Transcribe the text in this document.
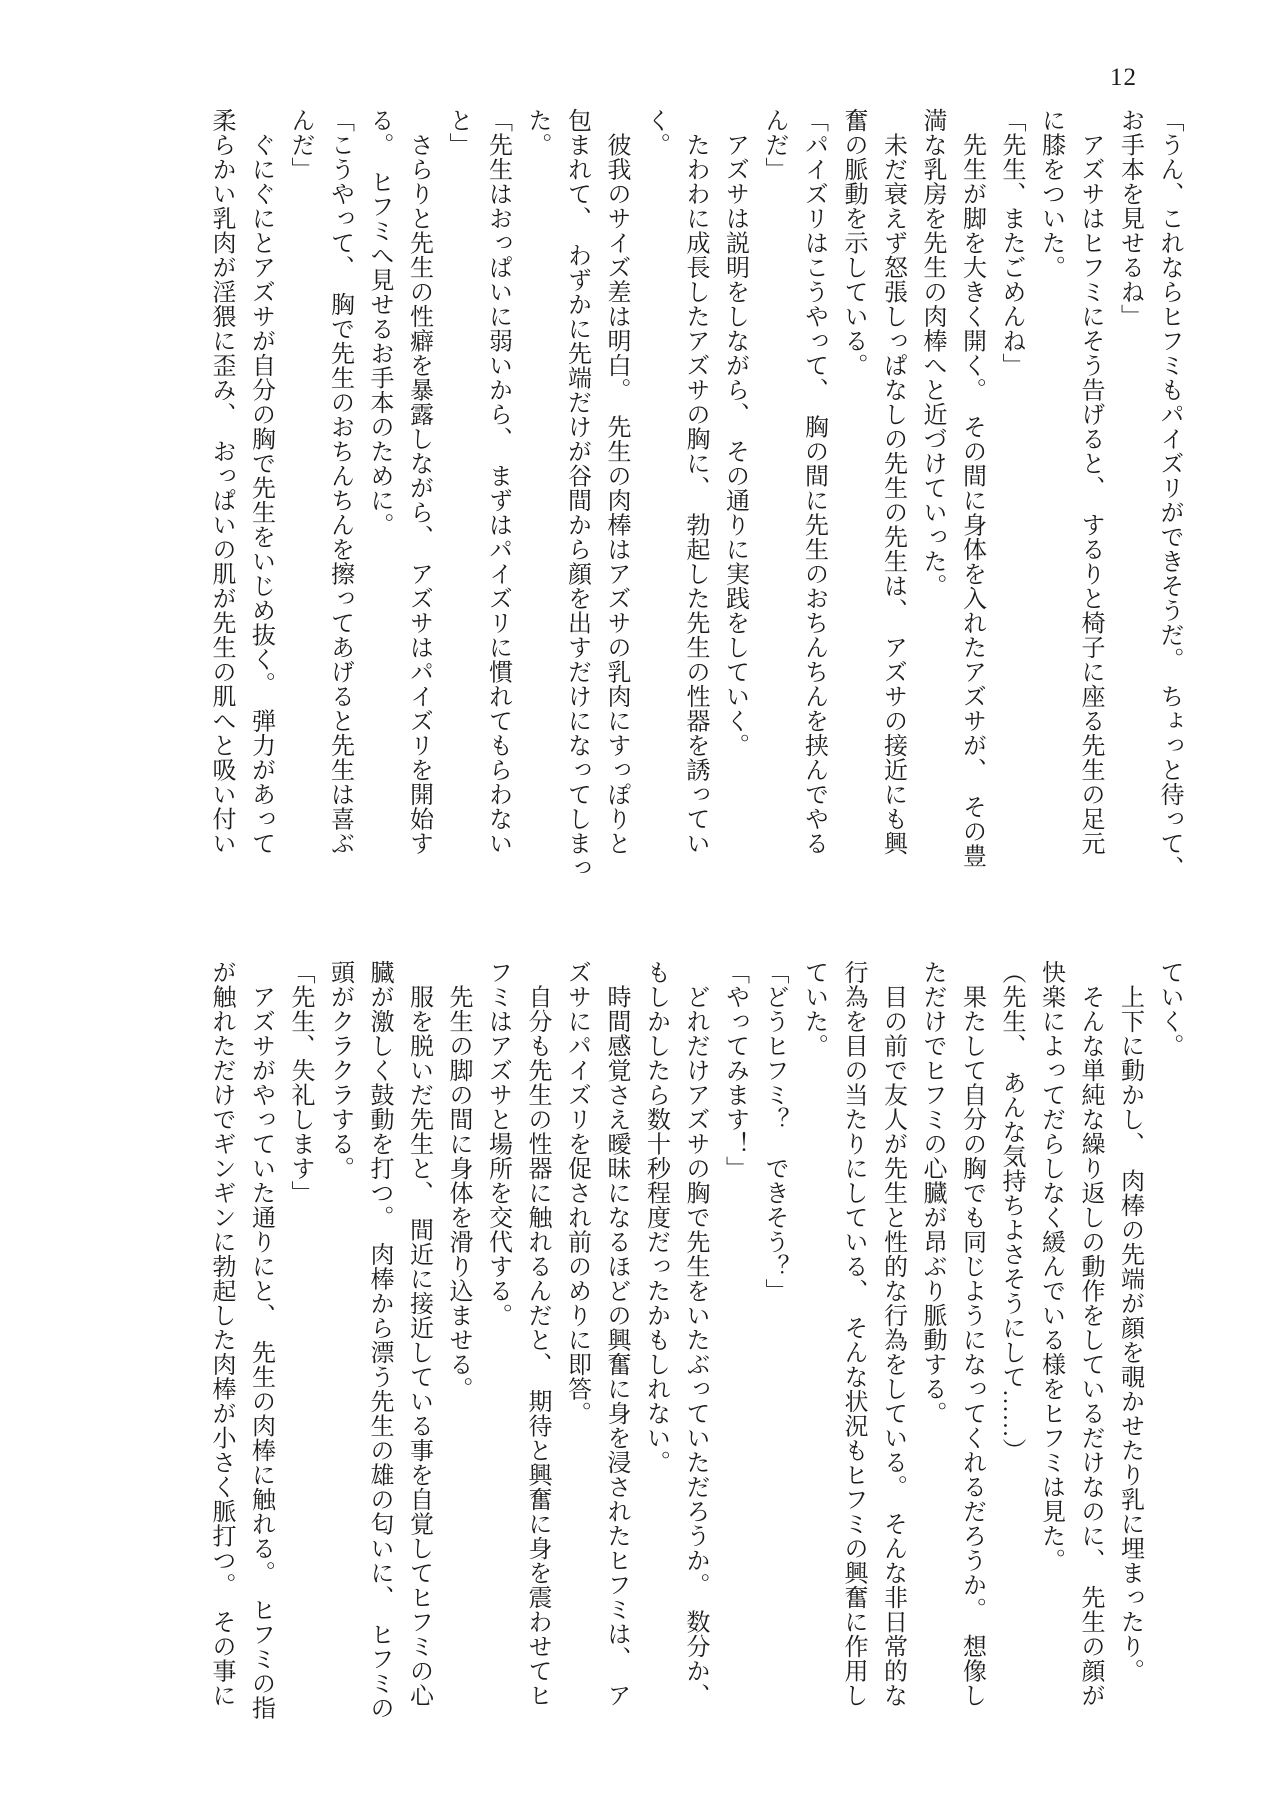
12
「うん、これならヒフミもパイズリができそうだ。　ちょっと待って、
お手本を見せるね」
　アズサはヒフミにそう告げると、　するりと椅子に座る先生の足元
に膝をついた。
「先生、またごめんね」
　先生が脚を大きく開く。　その間に身体を入れたアズサが、　その豊
満な乳房を先生の肉棒へと近づけていった。
　未だ衰えず怒張しっぱなしの先生の先生は、　アズサの接近にも興
奮の脈動を示している。
「パイズリはこうやって、　胸の間に先生のおちんちんを挟んでやる
んだ」
　アズサは説明をしながら、　その通りに実践をしていく。
　たわわに成長したアズサの胸に、　勃起した先生の性器を誘ってい
く。
　彼我のサイズ差は明白。　先生の肉棒はアズサの乳肉にすっぽりと
包まれて、　わずかに先端だけが谷間から顔を出すだけになってしまっ
た。
「先生はおっぱいに弱いから、　まずはパイズリに慣れてもらわない
と」
　さらりと先生の性癖を暴露しながら、　アズサはパイズリを開始す
る。　ヒフミへ見せるお手本のために。
「こうやって、　胸で先生のおちんちんを擦ってあげると先生は喜ぶ
んだ」
　ぐにぐにとアズサが自分の胸で先生をいじめ抜く。　弾力があって
柔らかい乳肉が淫猥に歪み、　おっぱいの肌が先生の肌へと吸い付い
ていく。
　上下に動かし、　肉棒の先端が顔を覗かせたり乳に埋まったり。
　そんな単純な繰り返しの動作をしているだけなのに、　先生の顔が
快楽によってだらしなく緩んでいる様をヒフミは見た。
（先生、　あんな気持ちよさそうにして……）
　果たして自分の胸でも同じようになってくれるだろうか。　想像し
ただけでヒフミの心臓が昂ぶり脈動する。
　目の前で友人が先生と性的な行為をしている。　そんな非日常的な
行為を目の当たりにしている、　そんな状況もヒフミの興奮に作用し
ていた。
「どうヒフミ？　できそう？」
「やってみます！」
　どれだけアズサの胸で先生をいたぶっていただろうか。　数分か、
もしかしたら数十秒程度だったかもしれない。
　時間感覚さえ曖昧になるほどの興奮に身を浸されたヒフミは、　ア
ズサにパイズリを促され前のめりに即答。
　自分も先生の性器に触れるんだと、　期待と興奮に身を震わせてヒ
フミはアズサと場所を交代する。
　先生の脚の間に身体を滑り込ませる。
　服を脱いだ先生と、　間近に接近している事を自覚してヒフミの心
臓が激しく鼓動を打つ。　肉棒から漂う先生の雄の匂いに、　ヒフミの
頭がクラクラする。
「先生、失礼します」
　アズサがやっていた通りにと、　先生の肉棒に触れる。　ヒフミの指
が触れただけでギンギンに勃起した肉棒が小さく脈打つ。　その事に
